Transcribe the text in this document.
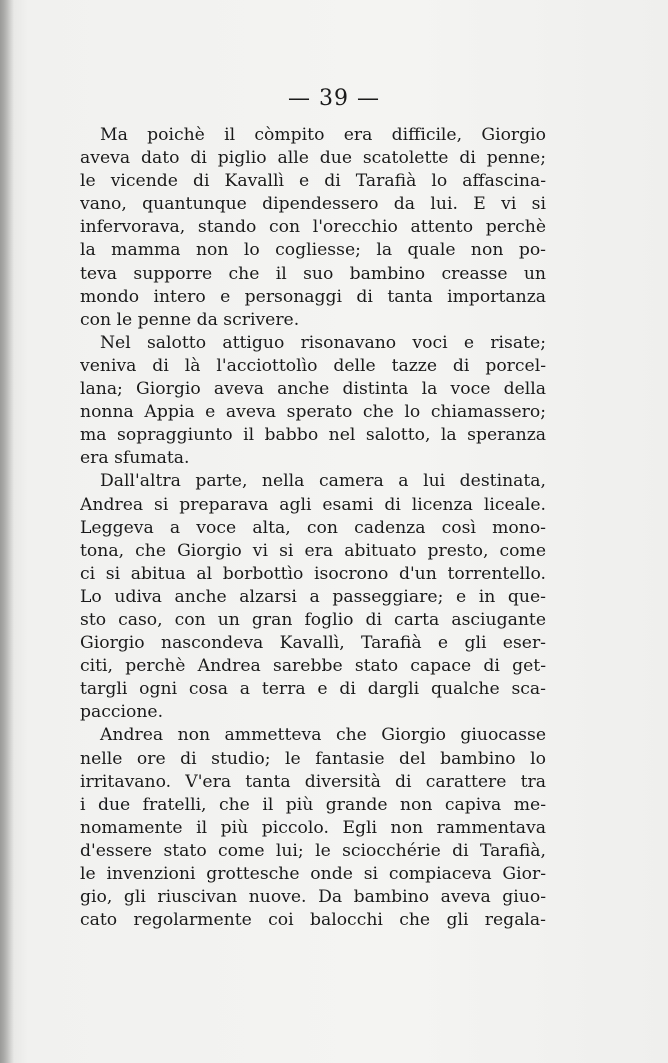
— 39 —
Ma poichè il còmpito era difficile, Giorgio
aveva dato di piglio alle due scatolette di penne;
le vicende di Kavallì e di Tarafià lo affascina-
vano, quantunque dipendessero da lui. E vi si
infervorava, stando con l'orecchio attento perchè
la mamma non lo cogliesse; la quale non po-
teva supporre che il suo bambino creasse un
mondo intero e personaggi di tanta importanza
con le penne da scrivere.
Nel salotto attiguo risonavano voci e risate;
veniva di là l'acciottolìo delle tazze di porcel-
lana; Giorgio aveva anche distinta la voce della
nonna Appia e aveva sperato che lo chiamassero;
ma sopraggiunto il babbo nel salotto, la speranza
era sfumata.
Dall'altra parte, nella camera a lui destinata,
Andrea si preparava agli esami di licenza liceale.
Leggeva a voce alta, con cadenza così mono-
tona, che Giorgio vi si era abituato presto, come
ci si abitua al borbottìo isocrono d'un torrentello.
Lo udiva anche alzarsi a passeggiare; e in que-
sto caso, con un gran foglio di carta asciugante
Giorgio nascondeva Kavallì, Tarafià e gli eser-
citi, perchè Andrea sarebbe stato capace di get-
targli ogni cosa a terra e di dargli qualche sca-
paccione.
Andrea non ammetteva che Giorgio giuocasse
nelle ore di studio; le fantasie del bambino lo
irritavano. V'era tanta diversità di carattere tra
i due fratelli, che il più grande non capiva me-
nomamente il più piccolo. Egli non rammentava
d'essere stato come lui; le sciocchérie di Tarafià,
le invenzioni grottesche onde si compiaceva Gior-
gio, gli riuscivan nuove. Da bambino aveva giuo-
cato regolarmente coi balocchi che gli regala-
